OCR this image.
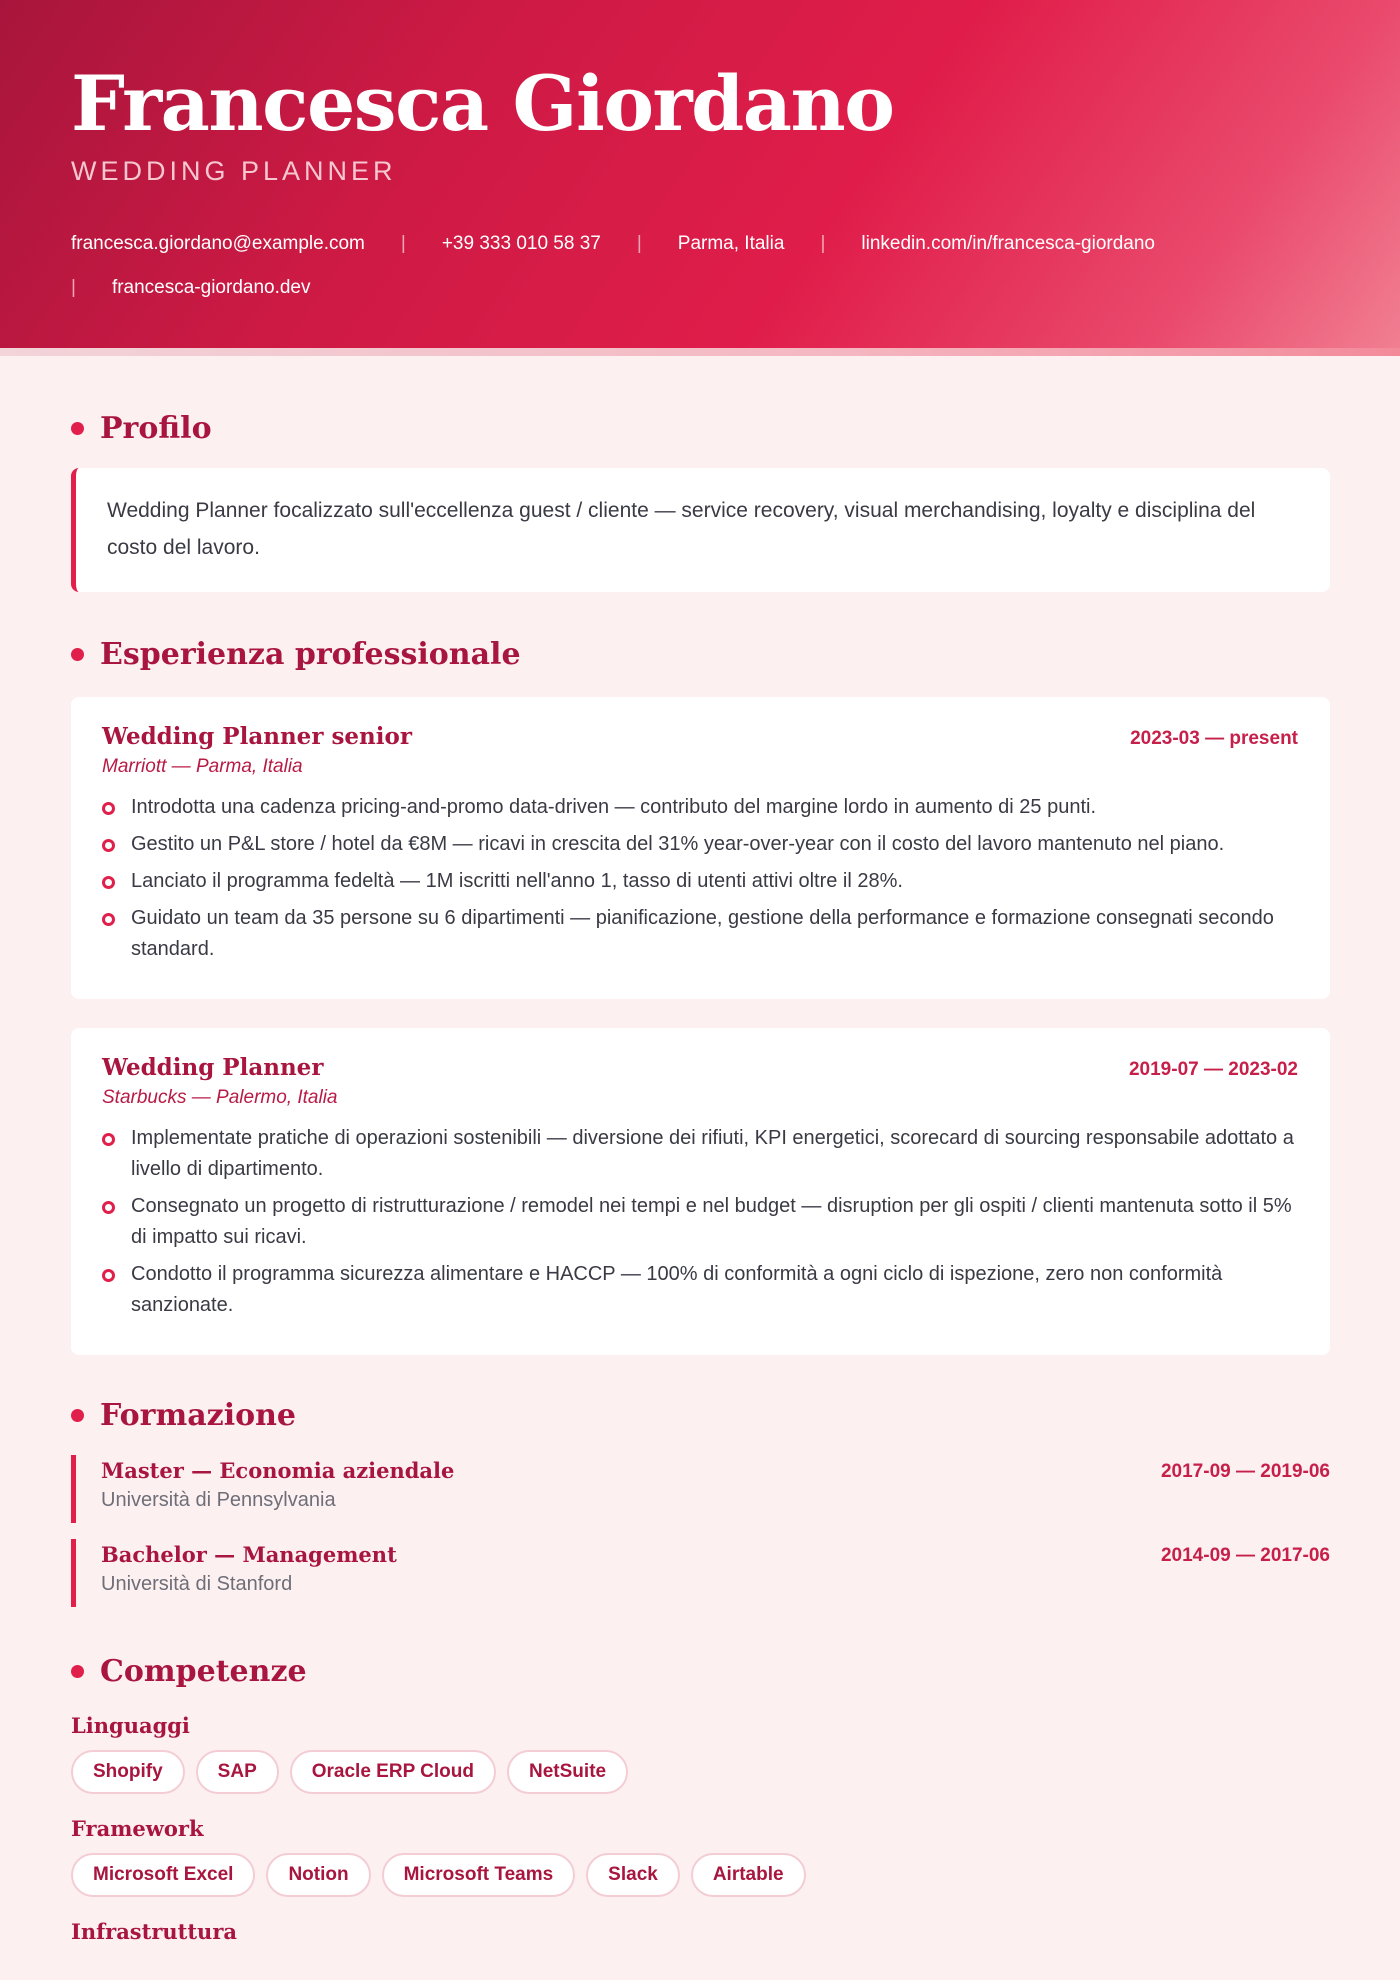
Francesca Giordano
WEDDING PLANNER
francesca.giordano@example.com | +39 333 010 58 37 | Parma, Italia | linkedin.com/in/francesca-giordano
| francesca-giordano.dev
Profilo
Wedding Planner focalizzato sull'eccellenza guest / cliente — service recovery, visual merchandising, loyalty e disciplina del costo del lavoro.
Esperienza professionale
Wedding Planner senior	2023-03 — present
Marriott — Parma, Italia
Introdotta una cadenza pricing-and-promo data-driven — contributo del margine lordo in aumento di 25 punti.
Gestito un P&L store / hotel da €8M — ricavi in crescita del 31% year-over-year con il costo del lavoro mantenuto nel piano.
Lanciato il programma fedeltà — 1M iscritti nell'anno 1, tasso di utenti attivi oltre il 28%.
Guidato un team da 35 persone su 6 dipartimenti — pianificazione, gestione della performance e formazione consegnati secondo standard.
Wedding Planner	2019-07 — 2023-02
Starbucks — Palermo, Italia
Implementate pratiche di operazioni sostenibili — diversione dei rifiuti, KPI energetici, scorecard di sourcing responsabile adottato a livello di dipartimento.
Consegnato un progetto di ristrutturazione / remodel nei tempi e nel budget — disruption per gli ospiti / clienti mantenuta sotto il 5% di impatto sui ricavi.
Condotto il programma sicurezza alimentare e HACCP — 100% di conformità a ogni ciclo di ispezione, zero non conformità sanzionate.
Formazione
Master — Economia aziendale
Università di Pennsylvania
2017-09 — 2019-06
Bachelor — Management
Università di Stanford
2014-09 — 2017-06
Competenze
Linguaggi
Shopify	SAP	Oracle ERP Cloud	NetSuite
Framework
Microsoft Excel	Notion	Microsoft Teams	Slack	Airtable
Infrastruttura
